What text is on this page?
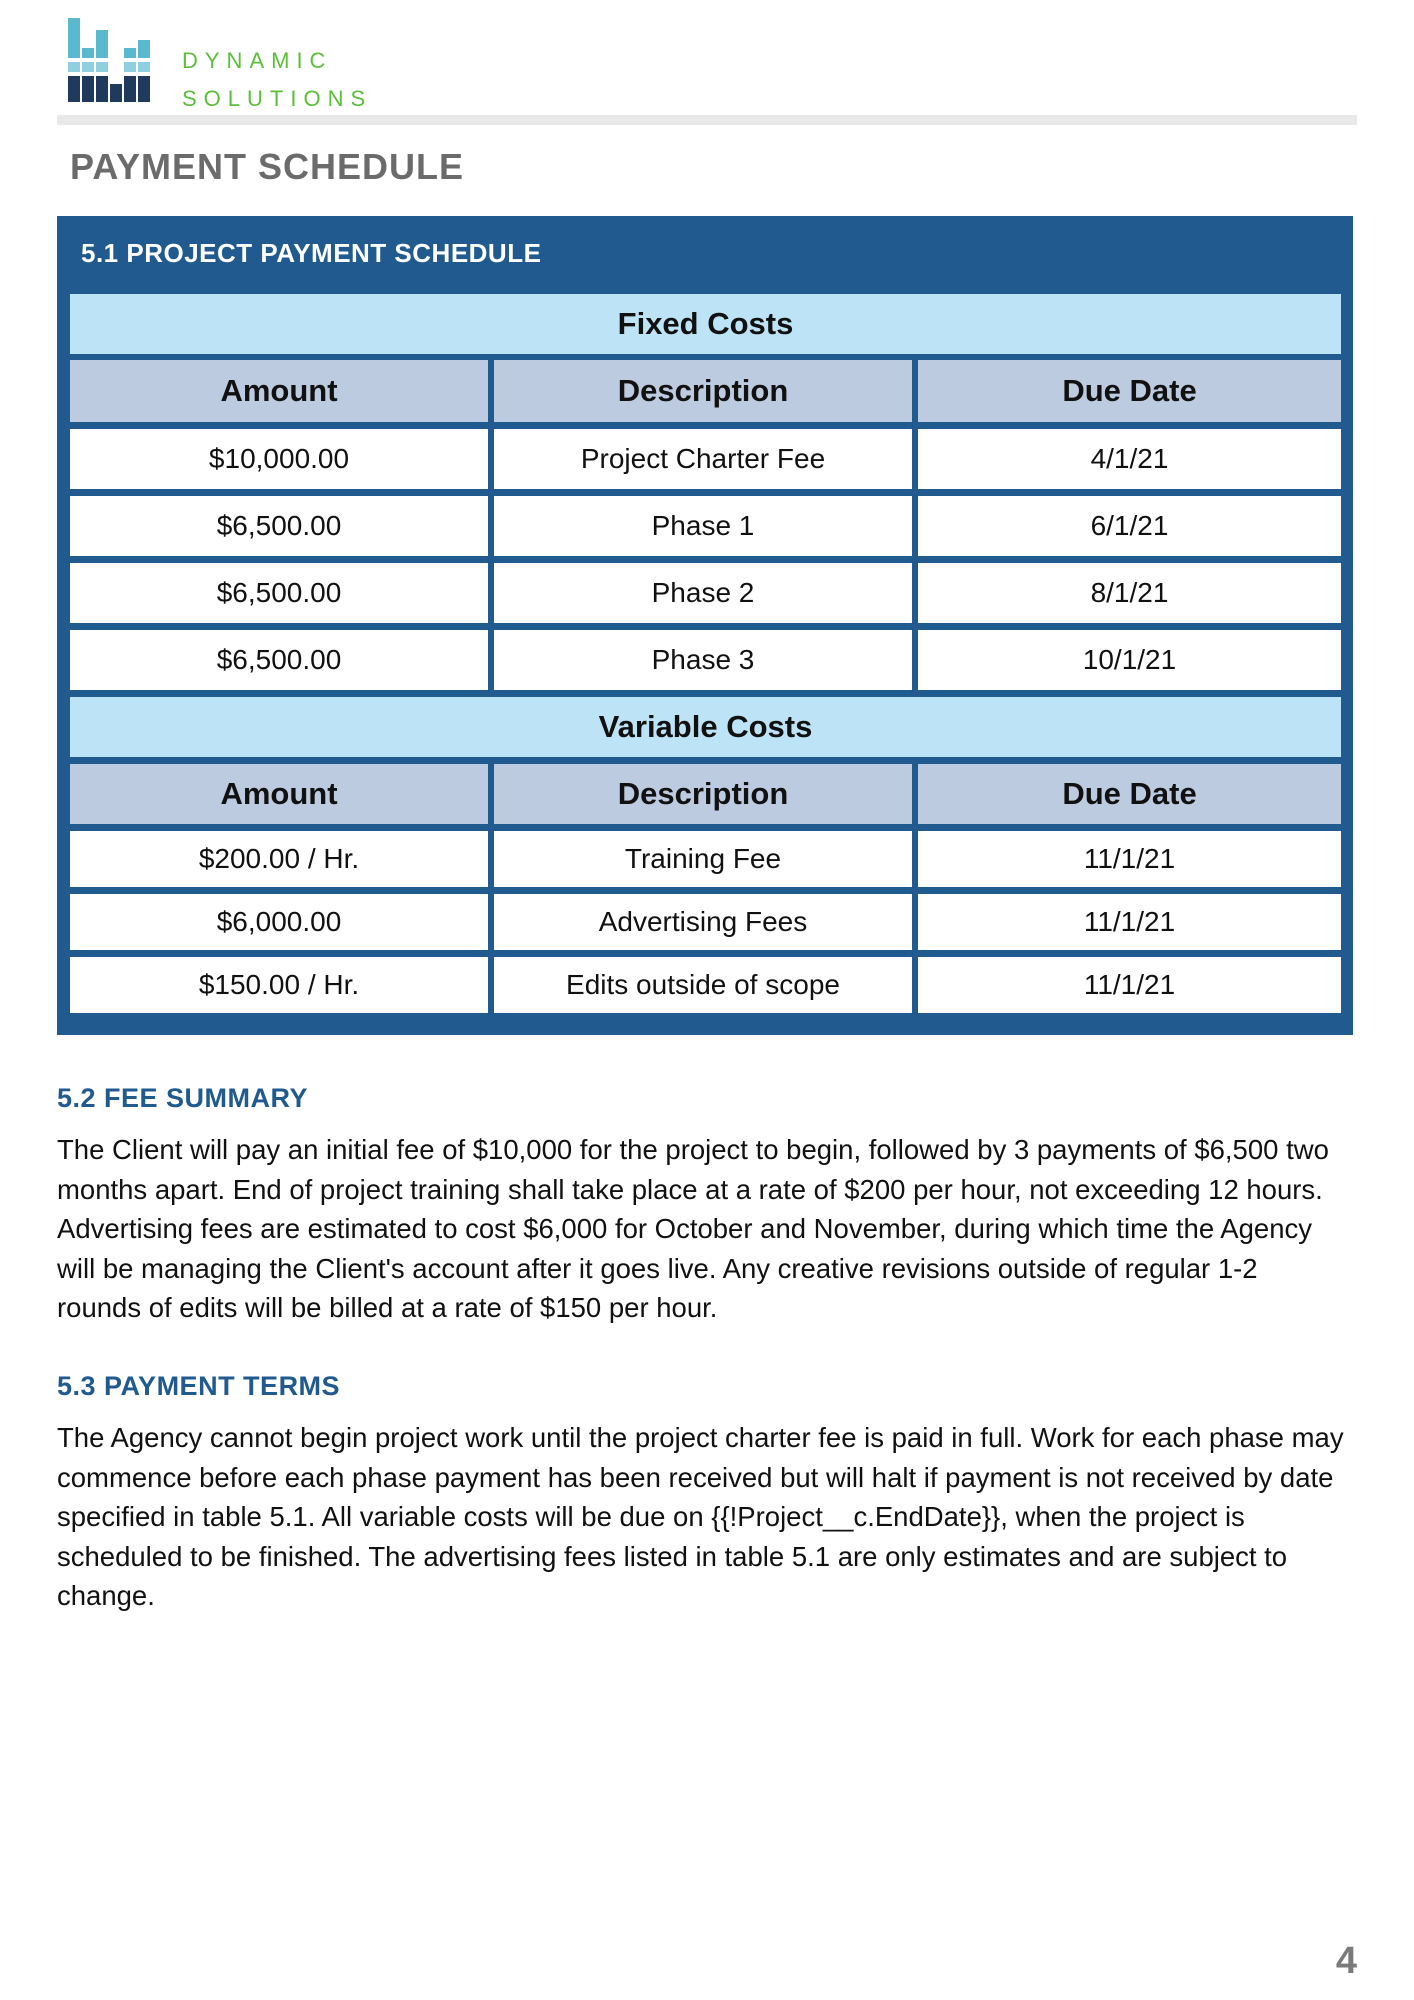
DYNAMIC
SOLUTIONS
PAYMENT SCHEDULE
5.1 PROJECT PAYMENT SCHEDULE
Fixed Costs
Amount	Description	Due Date
$10,000.00	Project Charter Fee	4/1/21
$6,500.00	Phase 1	6/1/21
$6,500.00	Phase 2	8/1/21
$6,500.00	Phase 3	10/1/21
Variable Costs
Amount	Description	Due Date
$200.00 / Hr.	Training Fee	11/1/21
$6,000.00	Advertising Fees	11/1/21
$150.00 / Hr.	Edits outside of scope	11/1/21
5.2 FEE SUMMARY

The Client will pay an initial fee of $10,000 for the project to begin, followed by 3 payments of $6,500 two months apart. End of project training shall take place at a rate of $200 per hour, not exceeding 12 hours. Advertising fees are estimated to cost $6,000 for October and November, during which time the Agency will be managing the Client's account after it goes live. Any creative revisions outside of regular 1-2 rounds of edits will be billed at a rate of $150 per hour.

5.3 PAYMENT TERMS

The Agency cannot begin project work until the project charter fee is paid in full. Work for each phase may commence before each phase payment has been received but will halt if payment is not received by date specified in table 5.1. All variable costs will be due on {{!Project__c.EndDate}}, when the project is scheduled to be finished. The advertising fees listed in table 5.1 are only estimates and are subject to change.

4
